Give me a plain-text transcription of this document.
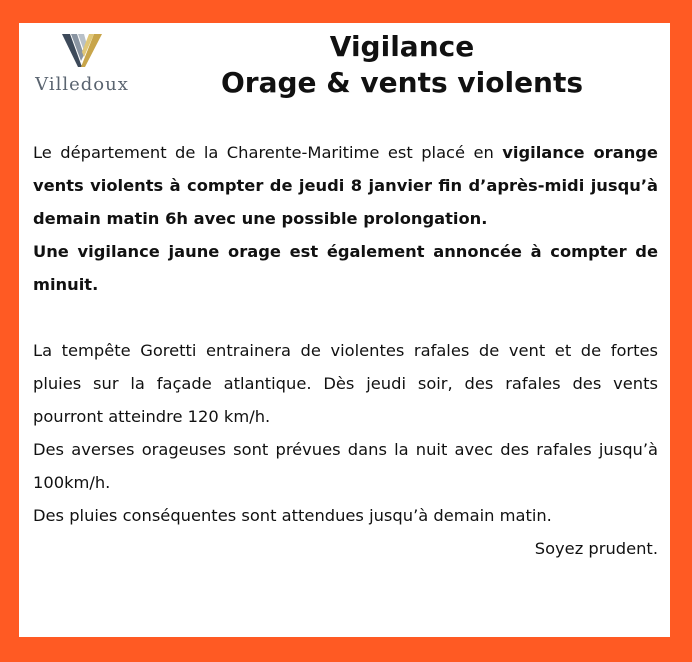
Villedoux
Vigilance
Orage & vents violents

Le département de la Charente-Maritime est placé en vigilance orange vents violents à compter de jeudi 8 janvier fin d’après-midi jusqu’à demain matin 6h avec une possible prolongation.

Une vigilance jaune orage est également annoncée à compter de minuit.

La tempête Goretti entrainera de violentes rafales de vent et de fortes pluies sur la façade atlantique. Dès jeudi soir, des rafales des vents pourront atteindre 120 km/h.

Des averses orageuses sont prévues dans la nuit avec des rafales jusqu’à 100km/h.

Des pluies conséquentes sont attendues jusqu’à demain matin.

Soyez prudent.
